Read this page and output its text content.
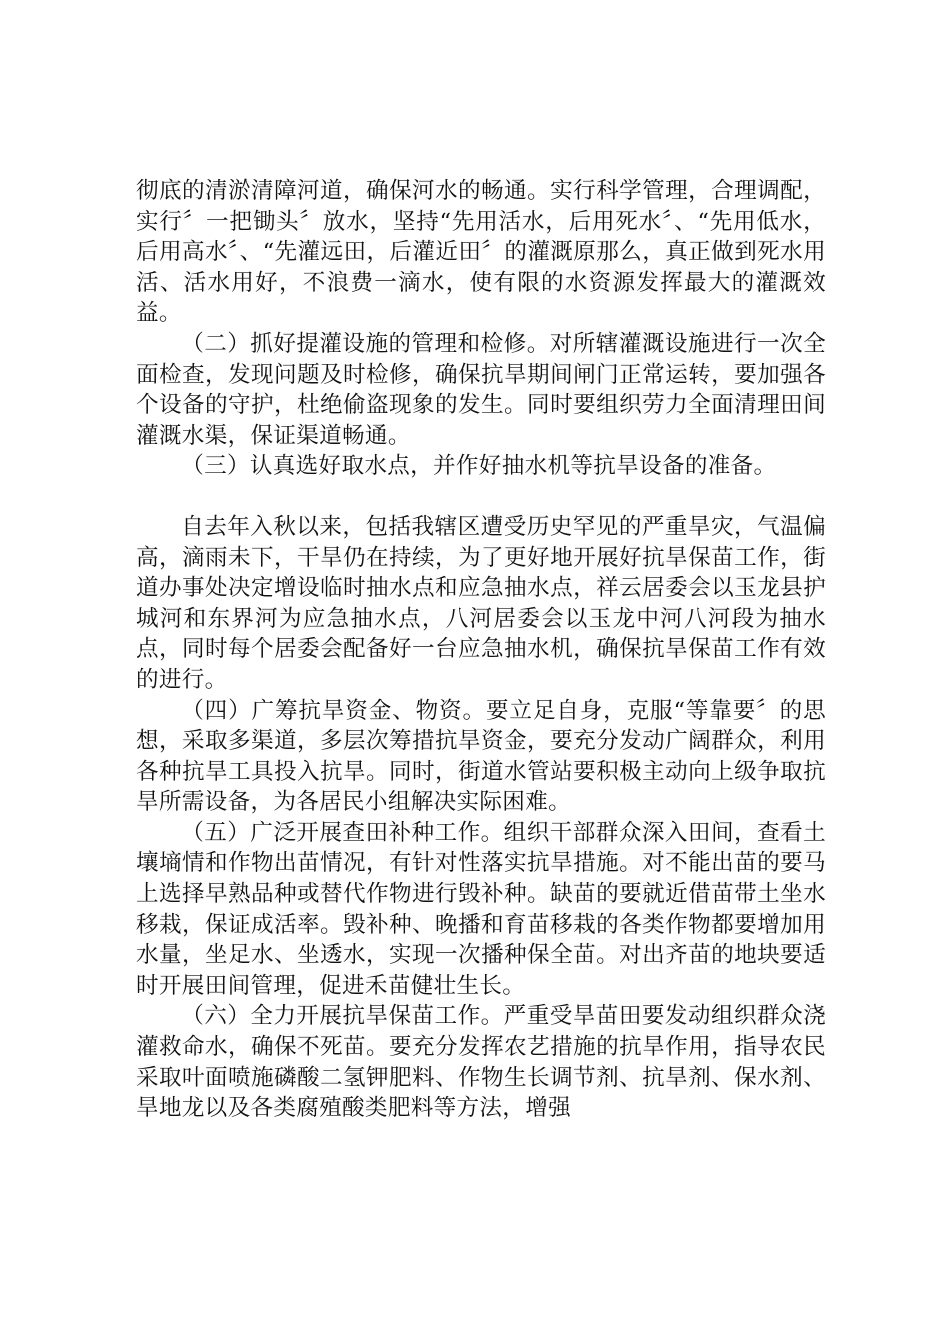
彻底的清淤清障河道，确保河水的畅通。实行科学管理，合理调配，实行〞一把锄头〞放水，坚持“先用活水，后用死水〞、“先用低水，后用高水〞、“先灌远田，后灌近田〞的灌溉原那么，真正做到死水用活、活水用好，不浪费一滴水，使有限的水资源发挥最大的灌溉效益。

（二）抓好提灌设施的管理和检修。对所辖灌溉设施进行一次全面检查，发现问题及时检修，确保抗旱期间闸门正常运转，要加强各个设备的守护，杜绝偷盗现象的发生。同时要组织劳力全面清理田间灌溉水渠，保证渠道畅通。

（三）认真选好取水点，并作好抽水机等抗旱设备的准备。

自去年入秋以来，包括我辖区遭受历史罕见的严重旱灾，气温偏高，滴雨未下，干旱仍在持续，为了更好地开展好抗旱保苗工作，街道办事处决定增设临时抽水点和应急抽水点，祥云居委会以玉龙县护城河和东界河为应急抽水点，八河居委会以玉龙中河八河段为抽水点，同时每个居委会配备好一台应急抽水机，确保抗旱保苗工作有效的进行。

（四）广筹抗旱资金、物资。要立足自身，克服“等靠要〞的思想，采取多渠道，多层次筹措抗旱资金，要充分发动广阔群众，利用各种抗旱工具投入抗旱。同时，街道水管站要积极主动向上级争取抗旱所需设备，为各居民小组解决实际困难。

（五）广泛开展查田补种工作。组织干部群众深入田间，查看土壤墒情和作物出苗情况，有针对性落实抗旱措施。对不能出苗的要马上选择早熟品种或替代作物进行毁补种。缺苗的要就近借苗带土坐水移栽，保证成活率。毁补种、晚播和育苗移栽的各类作物都要增加用水量，坐足水、坐透水，实现一次播种保全苗。对出齐苗的地块要适时开展田间管理，促进禾苗健壮生长。

（六）全力开展抗旱保苗工作。严重受旱苗田要发动组织群众浇灌救命水，确保不死苗。要充分发挥农艺措施的抗旱作用，指导农民采取叶面喷施磷酸二氢钾肥料、作物生长调节剂、抗旱剂、保水剂、旱地龙以及各类腐殖酸类肥料等方法，增强
